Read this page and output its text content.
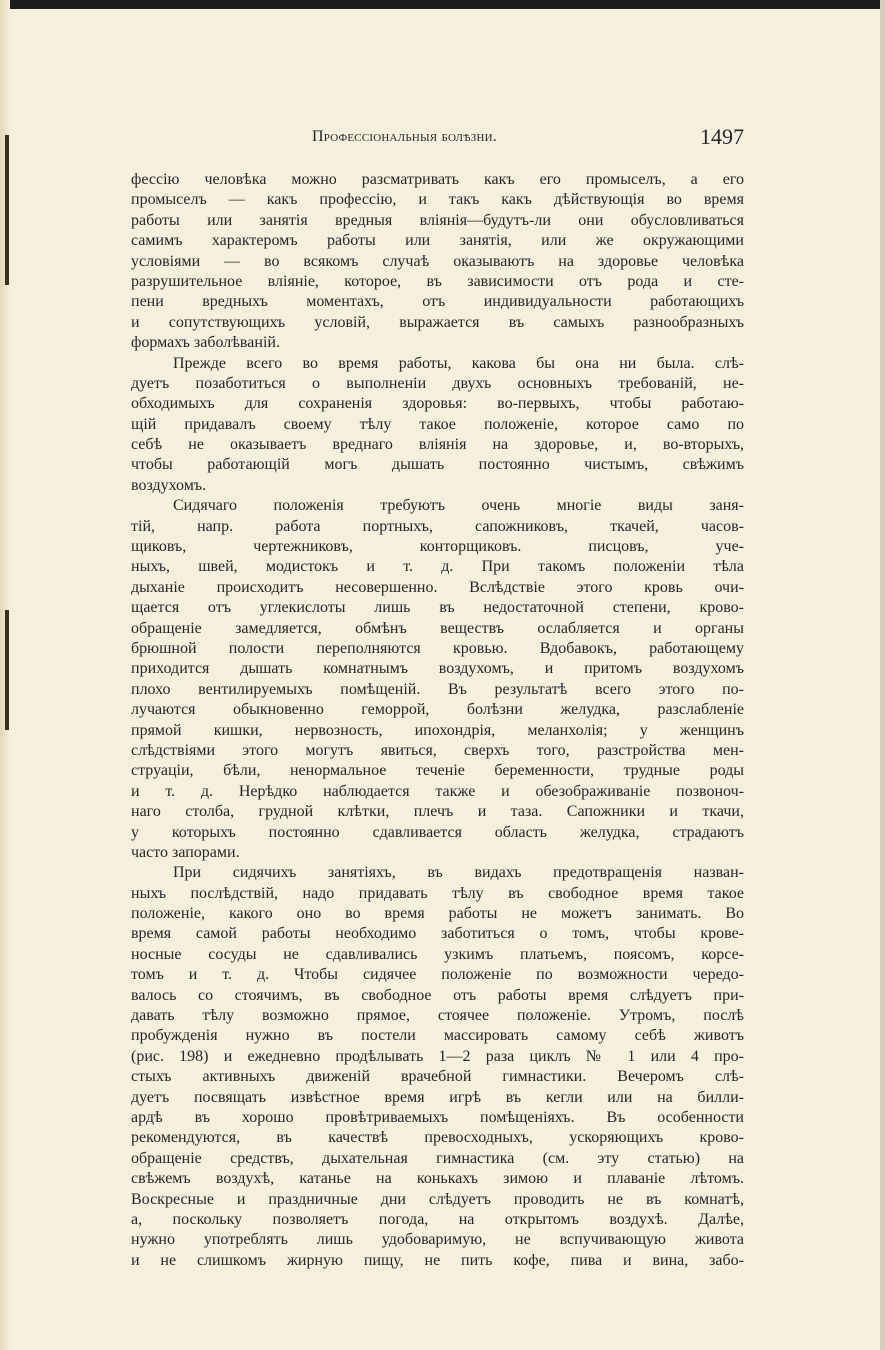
Профессіональныя болѣзни.	1497
фессію человѣка можно разсматривать какъ его промыселъ, а его
промыселъ — какъ профессію, и такъ какъ дѣйствующія во время
работы или занятія вредныя вліянія—будутъ-ли они обусловливаться
самимъ характеромъ работы или занятія, или же окружающими
условіями — во всякомъ случаѣ оказываютъ на здоровье человѣка
разрушительное вліяніе, которое, въ зависимости отъ рода и сте-
пени вредныхъ моментахъ, отъ индивидуальности работающихъ
и сопутствующихъ условій, выражается въ самыхъ разнообразныхъ
формахъ заболѣваній.
Прежде всего во время работы, какова бы она ни была. слѣ-
дуетъ позаботиться о выполненіи двухъ основныхъ требованій, не-
обходимыхъ для сохраненія здоровья: во-первыхъ, чтобы работаю-
щій придавалъ своему тѣлу такое положеніе, которое само по
себѣ не оказываетъ вреднаго вліянія на здоровье, и, во-вторыхъ,
чтобы работающій могъ дышать постоянно чистымъ, свѣжимъ
воздухомъ.
Сидячаго положенія требуютъ очень многіе виды заня-
тій, напр. работа портныхъ, сапожниковъ, ткачей, часов-
щиковъ, чертежниковъ, конторщиковъ. писцовъ, уче-
ныхъ, швей, модистокъ и т. д. При такомъ положеніи тѣла
дыханіе происходитъ несовершенно. Вслѣдствіе этого кровь очи-
щается отъ углекислоты лишь въ недостаточной степени, крово-
обращеніе замедляется, обмѣнъ веществъ ослабляется и органы
брюшной полости переполняются кровью. Вдобавокъ, работающему
приходится дышать комнатнымъ воздухомъ, и притомъ воздухомъ
плохо вентилируемыхъ помѣщеній. Въ результатѣ всего этого по-
лучаются обыкновенно геморрой, болѣзни желудка, разслабленіе
прямой кишки, нервозность, ипохондрія, меланхолія; у женщинъ
слѣдствіями этого могутъ явиться, сверхъ того, разстройства мен-
струаціи, бѣли, ненормальное теченіе беременности, трудные роды
и т. д. Нерѣдко наблюдается также и обезображиваніе позвоноч-
наго столба, грудной клѣтки, плечъ и таза. Сапожники и ткачи,
у которыхъ постоянно сдавливается область желудка, страдаютъ
часто запорами.
При сидячихъ занятіяхъ, въ видахъ предотвращенія назван-
ныхъ послѣдствій, надо придавать тѣлу въ свободное время такое
положеніе, какого оно во время работы не можетъ занимать. Во
время самой работы необходимо заботиться о томъ, чтобы крове-
носные сосуды не сдавливались узкимъ платьемъ, поясомъ, корсе-
томъ и т. д. Чтобы сидячее положеніе по возможности чередо-
валось со стоячимъ, въ свободное отъ работы время слѣдуетъ при-
давать тѣлу возможно прямое, стоячее положеніе. Утромъ, послѣ
пробужденія нужно въ постели массировать самому себѣ животъ
(рис. 198) и ежедневно продѣлывать 1—2 раза циклъ № 1 или 4 про-
стыхъ активныхъ движеній врачебной гимнастики. Вечеромъ слѣ-
дуетъ посвящать извѣстное время игрѣ въ кегли или на билли-
ардѣ въ хорошо провѣтриваемыхъ помѣщеніяхъ. Въ особенности
рекомендуются, въ качествѣ превосходныхъ, ускоряющихъ крово-
обращеніе средствъ, дыхательная гимнастика (см. эту статью) на
свѣжемъ воздухѣ, катанье на конькахъ зимою и плаваніе лѣтомъ.
Воскресные и праздничные дни слѣдуетъ проводить не въ комнатѣ,
а, поскольку позволяетъ погода, на открытомъ воздухѣ. Далѣе,
нужно употреблять лишь удобоваримую, не вспучивающую живота
и не слишкомъ жирную пищу, не пить кофе, пива и вина, забо-
